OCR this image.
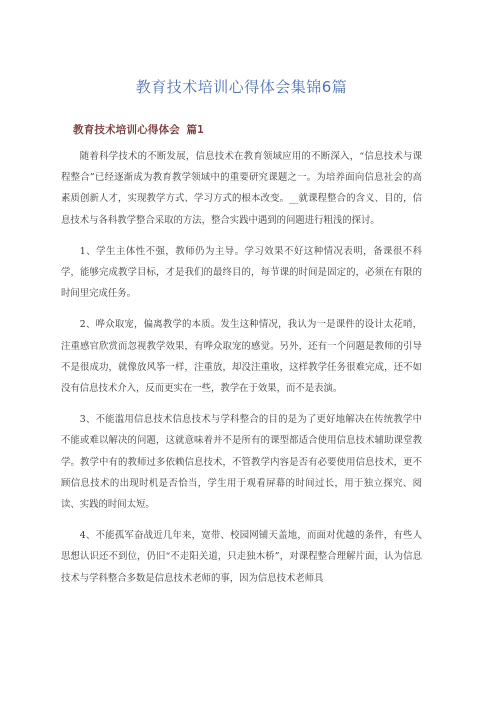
教育技术培训心得体会集锦6篇
教育技术培训心得体会 篇1

随着科学技术的不断发展，信息技术在教育领域应用的不断深入，“信息技术与课程整合”已经逐渐成为教育教学领域中的重要研究课题之一。为培养面向信息社会的高素质创新人才，实现教学方式、学习方式的根本改变。__就课程整合的含义、目的，信息技术与各科教学整合采取的方法，整合实践中遇到的问题进行粗浅的探讨。

1、学生主体性不强，教师仍为主导。学习效果不好这种情况表明，备课很不科学，能够完成教学目标，才是我们的最终目的，每节课的时间是固定的，必须在有限的时间里完成任务。

2、哗众取宠，偏离教学的本质。发生这种情况，我认为一是课件的设计太花哨，注重感官欣赏而忽视教学效果，有哗众取宠的感觉。另外，还有一个问题是教师的引导不是很成功，就像放风筝一样，注重放，却没注重收，这样教学任务很难完成，还不如没有信息技术介入，反而更实在一些，教学在于效果，而不是表演。

3、不能滥用信息技术信息技术与学科整合的目的是为了更好地解决在传统教学中不能或难以解决的问题，这就意味着并不是所有的课型都适合使用信息技术辅助课堂教学。教学中有的教师过多依赖信息技术，不管教学内容是否有必要使用信息技术，更不顾信息技术的出现时机是否恰当，学生用于观看屏幕的时间过长，用于独立探究、阅读、实践的时间太短。

4、不能孤军奋战近几年来，宽带、校园网铺天盖地，而面对优越的条件，有些人思想认识还不到位，仍旧“不走阳关道，只走独木桥”，对课程整合理解片面，认为信息技术与学科整合多数是信息技术老师的事，因为信息技术老师具
